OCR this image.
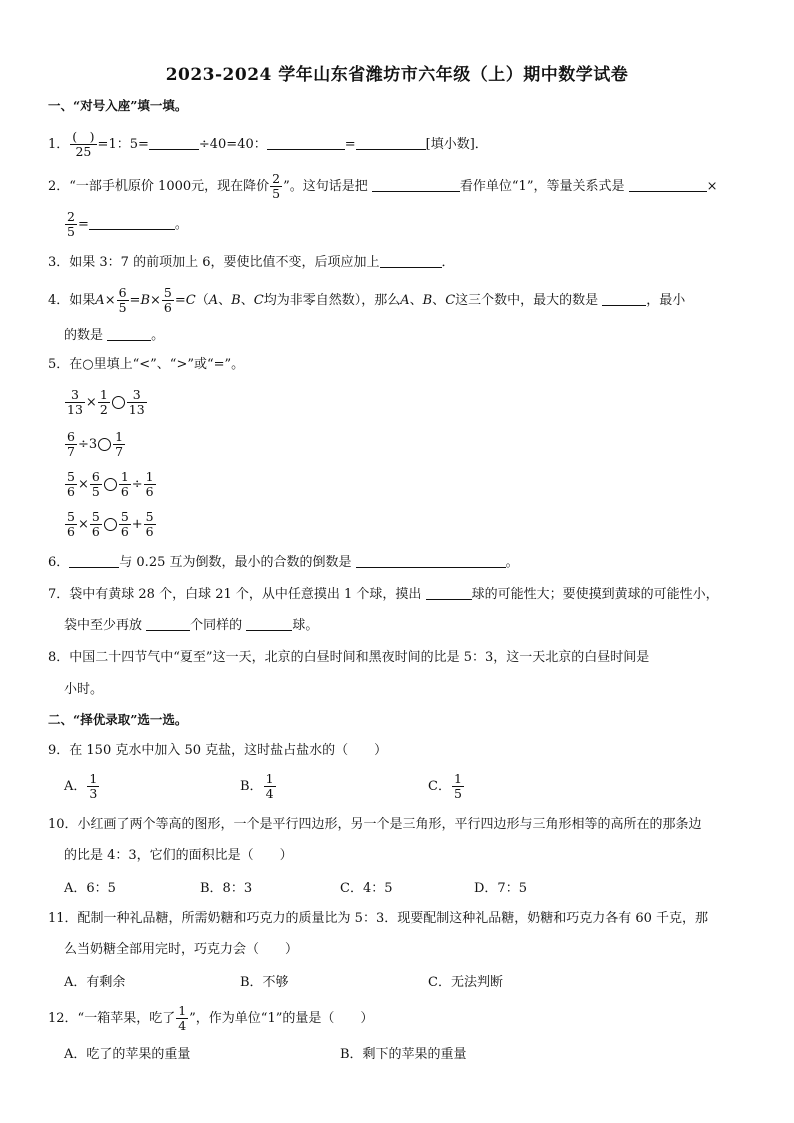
2023-2024 学年山东省潍坊市六年级（上）期中数学试卷
一、“对号入座”填一填。
1． $\frac{( )}{25} =1$：5=	÷40=40：	=	[填小数]．
2．“一部手机原价 1000元，现在降价 $\frac{2}{5}$ ”。这句话是把	看作单位“1”，等量关系式是	×
$\frac{2}{5}$ =	。
3．如果 3：7 的前项加上 6，要使比值不变，后项应加上	．
4．如果$A\times \frac{6}{5} =B\times \frac{5}{6} =C(A$、B、C均为非零自然数），那么A、B、C这三个数中，最大的数是	，最小
的数是	。
5．在○里填上“<”、“>”或“=”。
$\frac{3}{13} \times \frac{1}{2} \frac{3}{13}$
$\frac{6}{7} \div 3 \frac{1}{7}$
$\frac{5}{6} \times \frac{6}{5} \frac{1}{6} \div \frac{1}{6}$
$\frac{5}{6} \times \frac{5}{6} \frac{5}{6} + \frac{5}{6}$
6．	与 0.25 互为倒数，最小的合数的倒数是	。
7．袋中有黄球 28 个，白球 21 个，从中任意摸出 1 个球，摸出	球的可能性大；要使摸到黄球的可能性小，
袋中至少再放	个同样的	球。
8．中国二十四节气中“夏至”这一天，北京的白昼时间和黑夜时间的比是 5：3，这一天北京的白昼时间是
小时。
二、“择优录取”选一选。
9．在 150 克水中加入 50 克盐，这时盐占盐水的（　　）
A． $\frac{1}{3}$	B． $\frac{1}{4}$	C． $\frac{1}{5}$
10．小红画了两个等高的图形，一个是平行四边形，另一个是三角形，平行四边形与三角形相等的高所在的那条边
的比是 4：3，它们的面积比是（　　）
A．6：5	B．8：3	C．4：5	D．7：5
11．配制一种礼品糖，所需奶糖和巧克力的质量比为 5：3．现要配制这种礼品糖，奶糖和巧克力各有 60 千克，那
么当奶糖全部用完时，巧克力会（　　）
A．有剩余	B．不够	C．无法判断
12．“一箱苹果，吃了 $\frac{1}{4}$ ”，作为单位“1”的量是（　　）
A．吃了的苹果的重量	B．剩下的苹果的重量
